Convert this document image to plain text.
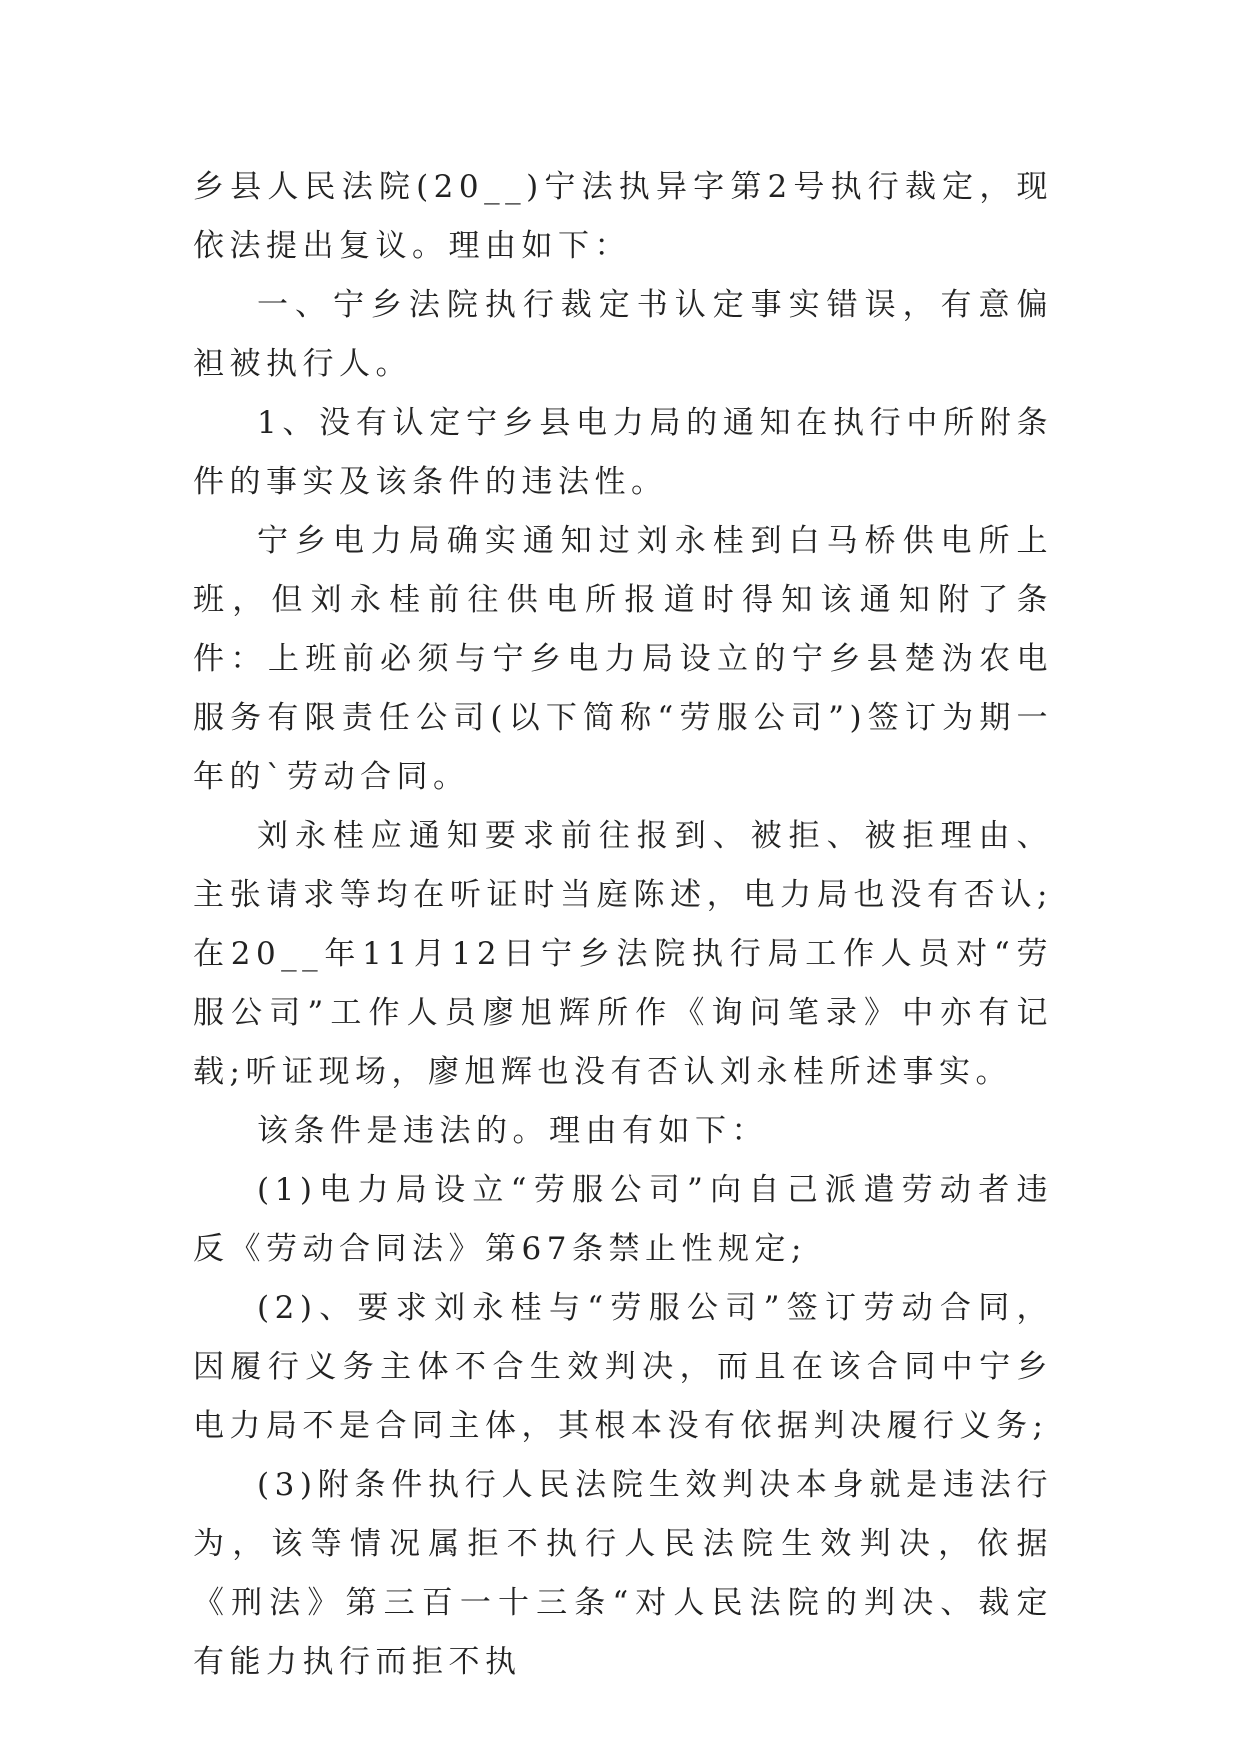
乡县人民法院(20__)宁法执异字第2号执行裁定，现依法提出复议。理由如下：

一、宁乡法院执行裁定书认定事实错误，有意偏袒被执行人。

1、没有认定宁乡县电力局的通知在执行中所附条件的事实及该条件的违法性。

宁乡电力局确实通知过刘永桂到白马桥供电所上班，但刘永桂前往供电所报道时得知该通知附了条件：上班前必须与宁乡电力局设立的宁乡县楚沩农电服务有限责任公司(以下简称“劳服公司”)签订为期一年的`劳动合同。

刘永桂应通知要求前往报到、被拒、被拒理由、主张请求等均在听证时当庭陈述，电力局也没有否认;在20__年11月12日宁乡法院执行局工作人员对“劳服公司”工作人员廖旭辉所作《询问笔录》中亦有记载;听证现场，廖旭辉也没有否认刘永桂所述事实。

该条件是违法的。理由有如下：

(1)电力局设立“劳服公司”向自己派遣劳动者违反《劳动合同法》第67条禁止性规定;

(2)、要求刘永桂与“劳服公司”签订劳动合同，因履行义务主体不合生效判决，而且在该合同中宁乡电力局不是合同主体，其根本没有依据判决履行义务;

(3)附条件执行人民法院生效判决本身就是违法行为，该等情况属拒不执行人民法院生效判决，依据《刑法》第三百一十三条“对人民法院的判决、裁定有能力执行而拒不执
